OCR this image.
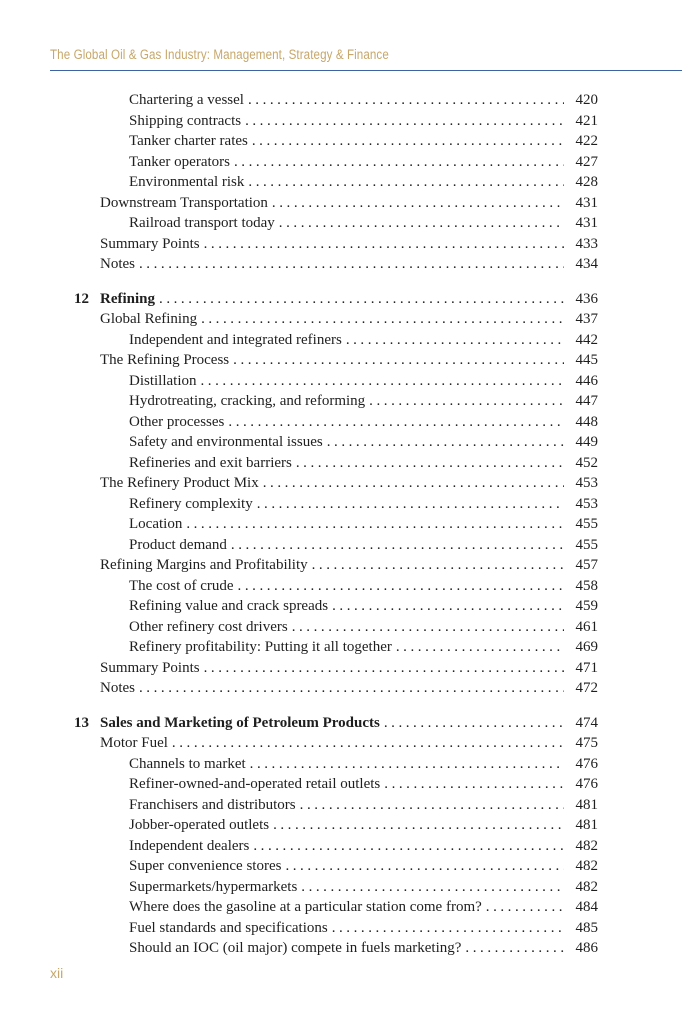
The Global Oil & Gas Industry: Management, Strategy & Finance
Chartering a vessel . . .	420
Shipping contracts . . .	421
Tanker charter rates . . .	422
Tanker operators . . .	427
Environmental risk . . .	428
Downstream Transportation . . .	431
Railroad transport today . . .	431
Summary Points . . .	433
Notes . . .	434
12 Refining . . .	436
Global Refining . . .	437
Independent and integrated refiners . . .	442
The Refining Process . . .	445
Distillation . . .	446
Hydrotreating, cracking, and reforming . . .	447
Other processes . . .	448
Safety and environmental issues . . .	449
Refineries and exit barriers . . .	452
The Refinery Product Mix . . .	453
Refinery complexity . . .	453
Location . . .	455
Product demand . . .	455
Refining Margins and Profitability . . .	457
The cost of crude . . .	458
Refining value and crack spreads . . .	459
Other refinery cost drivers . . .	461
Refinery profitability: Putting it all together . . .	469
Summary Points . . .	471
Notes . . .	472
13 Sales and Marketing of Petroleum Products . . .	474
Motor Fuel . . .	475
Channels to market . . .	476
Refiner-owned-and-operated retail outlets . . .	476
Franchisers and distributors . . .	481
Jobber-operated outlets . . .	481
Independent dealers . . .	482
Super convenience stores . . .	482
Supermarkets/hypermarkets . . .	482
Where does the gasoline at a particular station come from? . . .	484
Fuel standards and specifications . . .	485
Should an IOC (oil major) compete in fuels marketing? . . .	486
xii
